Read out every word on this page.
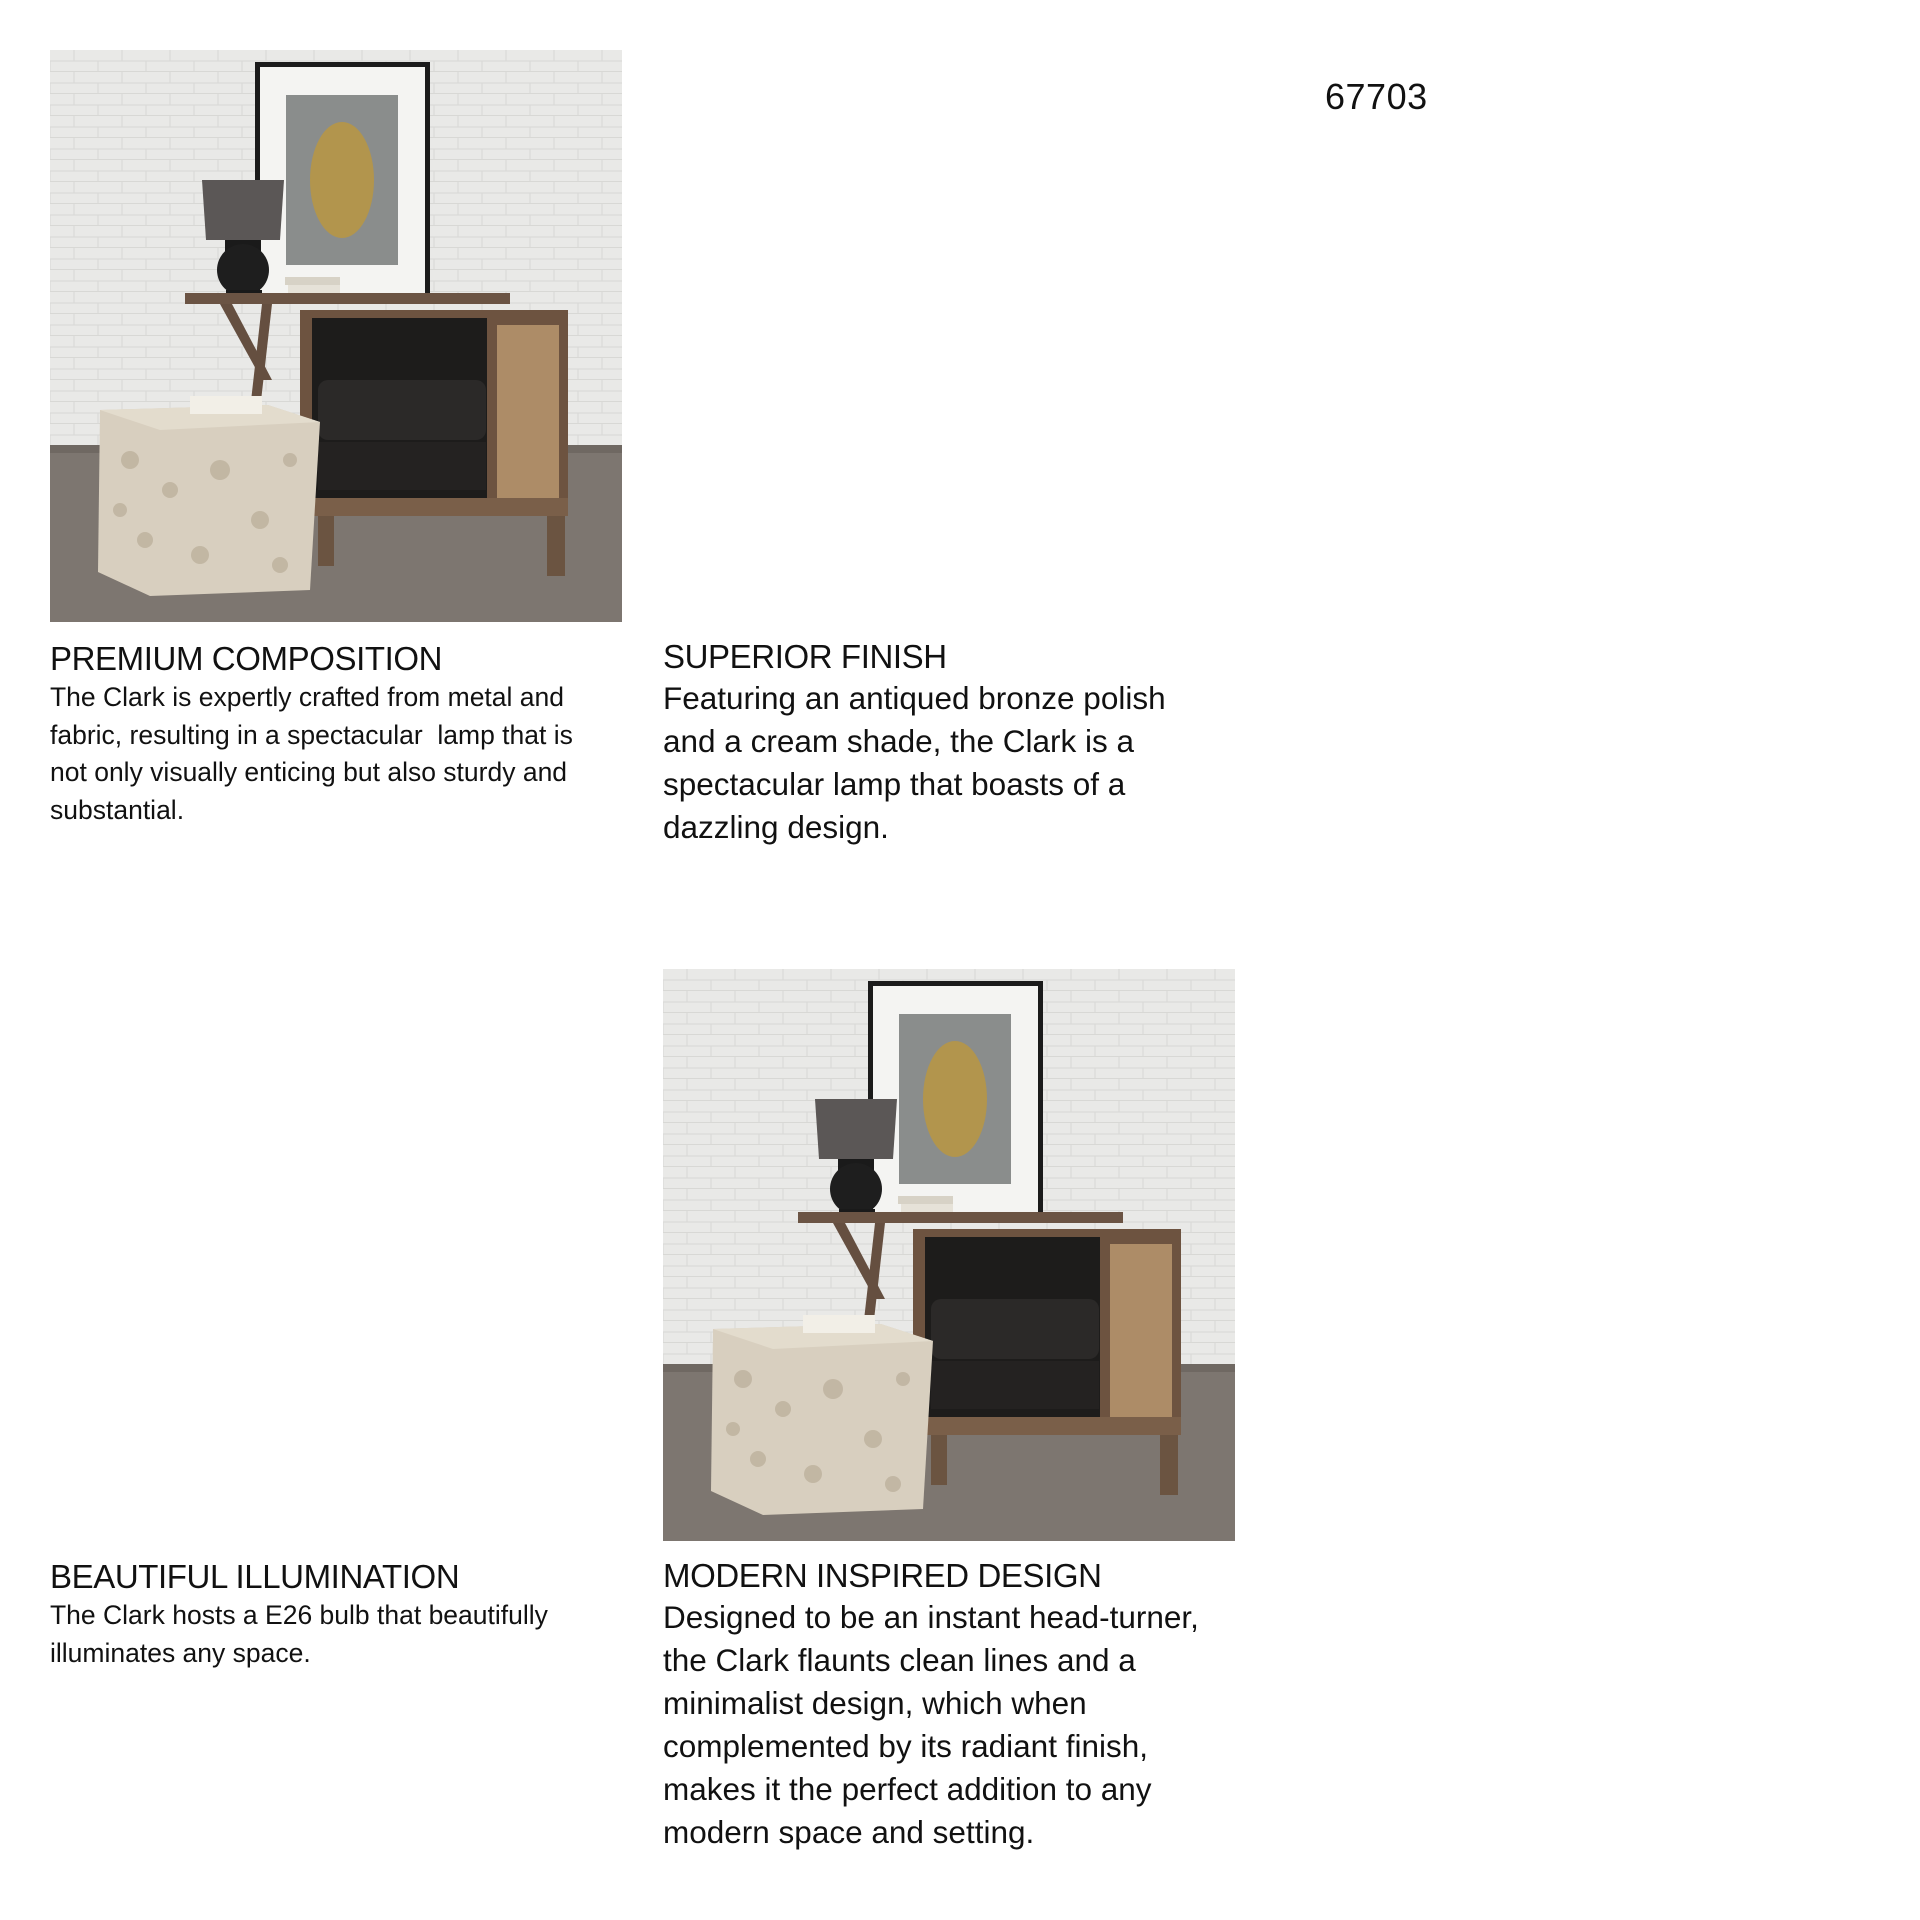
67703
PREMIUM COMPOSITION
The Clark is expertly crafted from metal and
fabric, resulting in a spectacular  lamp that is
not only visually enticing but also sturdy and
substantial.
SUPERIOR FINISH
Featuring an antiqued bronze polish
and a cream shade, the Clark is a
spectacular lamp that boasts of a
dazzling design.
BEAUTIFUL ILLUMINATION
The Clark hosts a E26 bulb that beautifully
illuminates any space.
MODERN INSPIRED DESIGN
Designed to be an instant head-turner,
the Clark flaunts clean lines and a
minimalist design, which when
complemented by its radiant finish,
makes it the perfect addition to any
modern space and setting.
